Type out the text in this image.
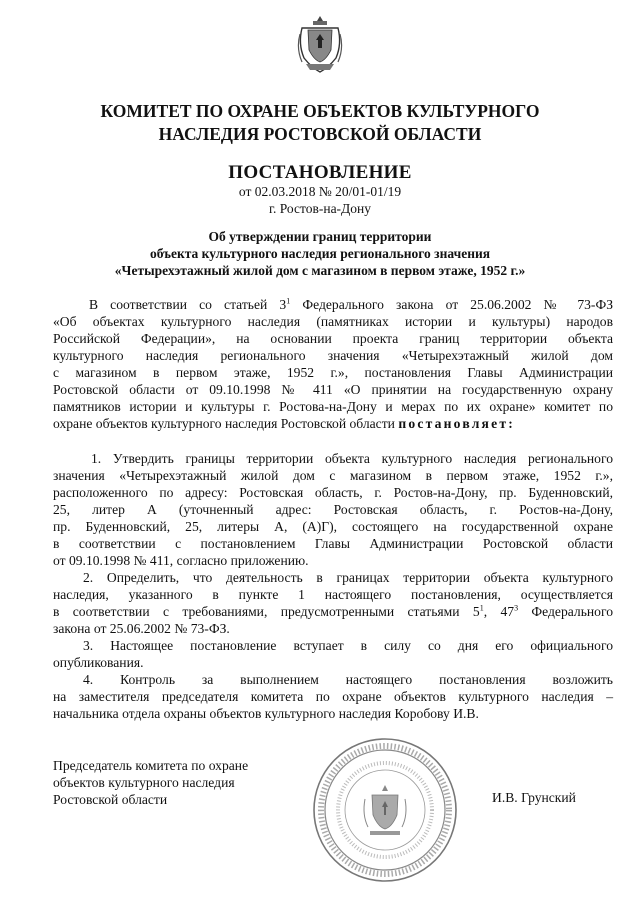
КОМИТЕТ ПО ОХРАНЕ ОБЪЕКТОВ КУЛЬТУРНОГО
НАСЛЕДИЯ РОСТОВСКОЙ ОБЛАСТИ
ПОСТАНОВЛЕНИЕ
от 02.03.2018 № 20/01-01/19
г. Ростов-на-Дону
Об утверждении границ территории
объекта культурного наследия регионального значения
«Четырехэтажный жилой дом с магазином в первом этаже, 1952 г.»
В соответствии со статьей $3^1$ Федерального закона от 25.06.2002 № 73-ФЗ
«Об объектах культурного наследия (памятниках истории и культуры) народов
Российской Федерации», на основании проекта границ территории объекта
культурного наследия регионального значения «Четырехэтажный жилой дом
с магазином в первом этаже, 1952 г.», постановления Главы Администрации
Ростовской области от 09.10.1998 № 411 «О принятии на государственную охрану
памятников истории и культуры г. Ростова-на-Дону и мерах по их охране» комитет по
охране объектов культурного наследия Ростовской области постановляет:
1. Утвердить границы территории объекта культурного наследия регионального
значения «Четырехэтажный жилой дом с магазином в первом этаже, 1952 г.»,
расположенного по адресу: Ростовская область, г. Ростов-на-Дону, пр. Буденновский,
25, литер А (уточненный адрес: Ростовская область, г. Ростов-на-Дону,
пр. Буденновский, 25, литеры А, (А)Г), состоящего на государственной охране
в соответствии с постановлением Главы Администрации Ростовской области
от 09.10.1998 № 411, согласно приложению.
2. Определить, что деятельность в границах территории объекта культурного
наследия, указанного в пункте 1 настоящего постановления, осуществляется
в соответствии с требованиями, предусмотренными статьями $5^1$, $47^3$ Федерального
закона от 25.06.2002 № 73-ФЗ.
3. Настоящее постановление вступает в силу со дня его официального
опубликования.
4. Контроль за выполнением настоящего постановления возложить
на заместителя председателя комитета по охране объектов культурного наследия –
начальника отдела охраны объектов культурного наследия Коробову И.В.
Председатель комитета по охране
объектов культурного наследия
Ростовской области	И.В. Грунский
